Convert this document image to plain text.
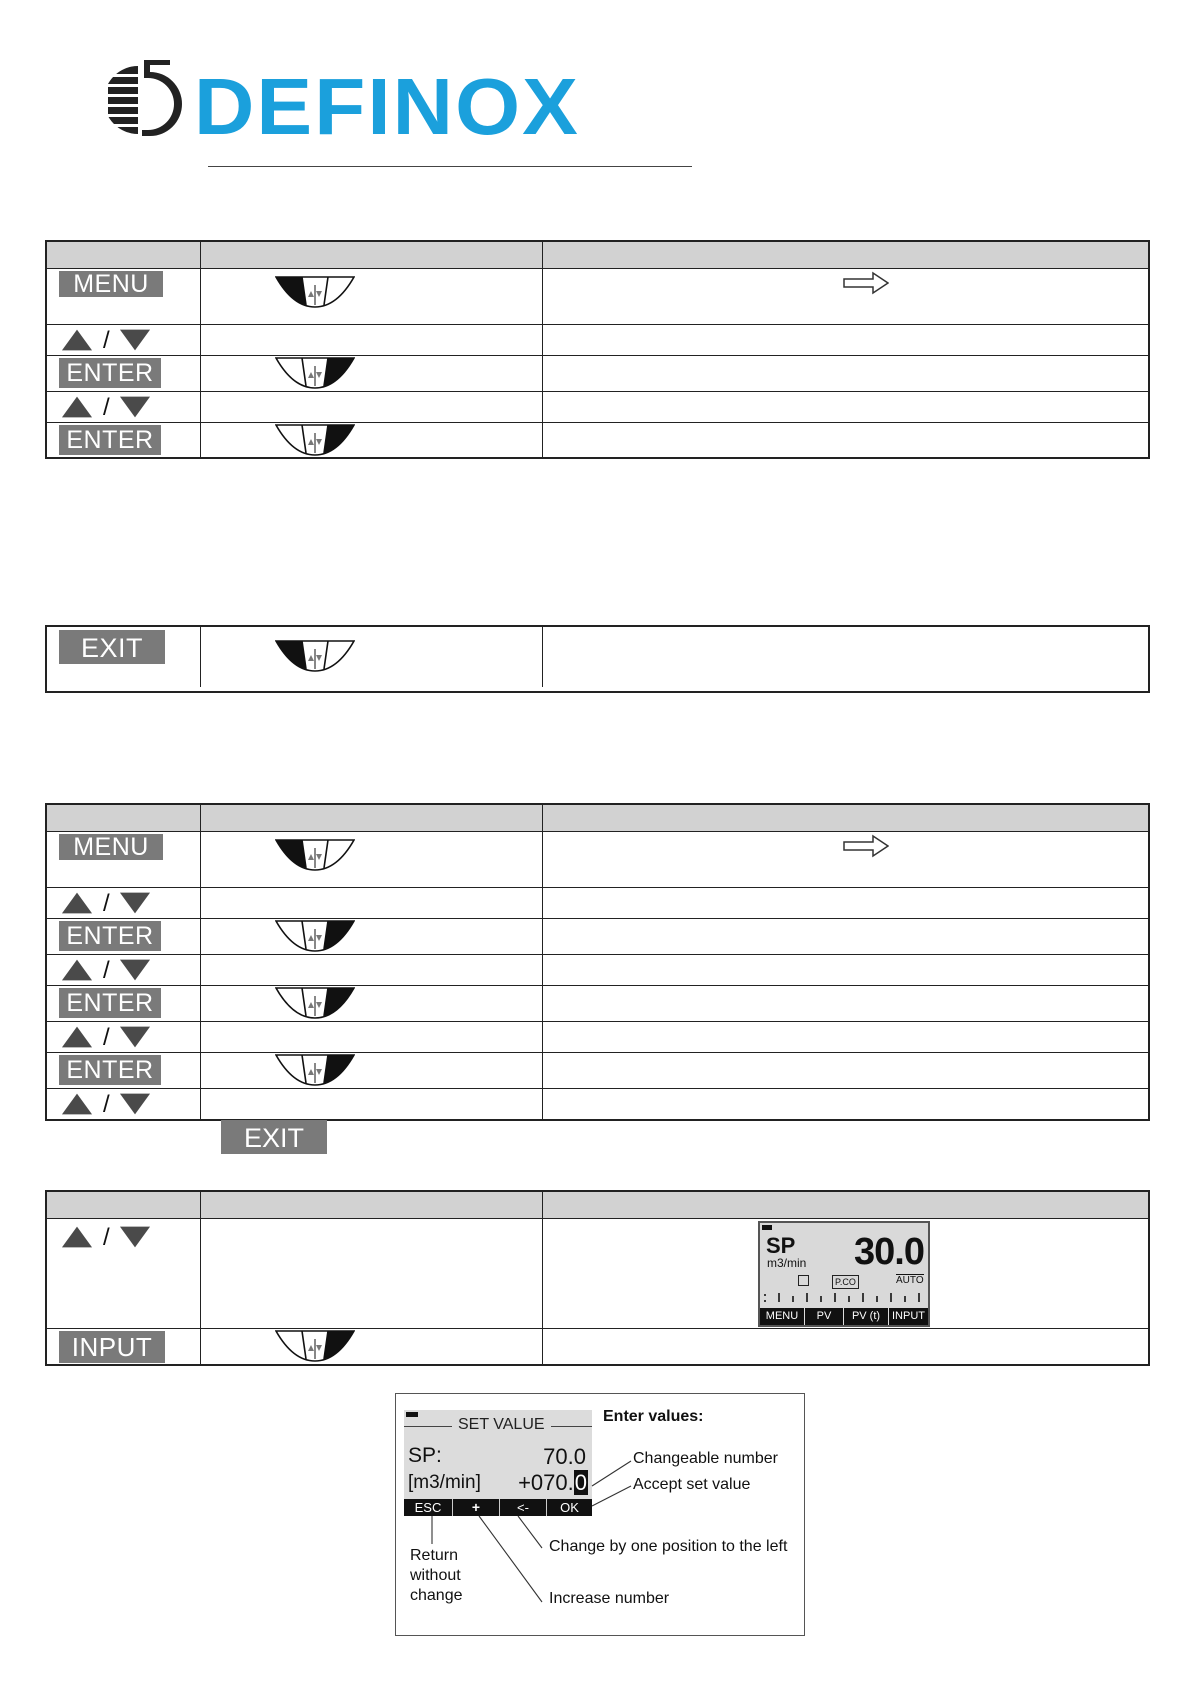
DEFINOX
MENU
/
ENTER
/
ENTER
EXIT
MENU
/
ENTER
/
ENTER
/
ENTER
/
EXIT
/	SP
m3/min 30.0
P.CO	AUTO
MENU	PV	PV (t)	INPUT
INPUT
SET VALUE
SP:	70.0
[m3/min] +070.0
ESC	+	<-	OK
Enter values:
Changeable number
Accept set value
Change by one position to the left
Increase number
Return
without
change
